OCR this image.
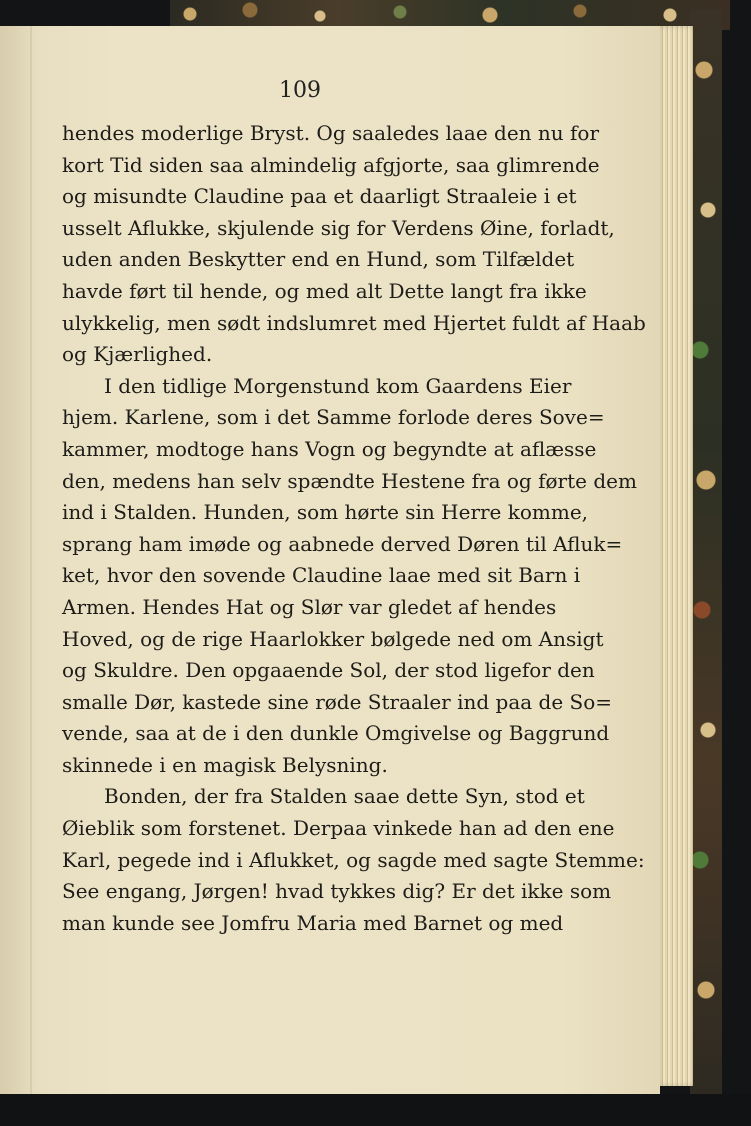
109
hendes moderlige Bryst. Og saaledes laae den nu for
kort Tid siden saa almindelig afgjorte, saa glimrende
og misundte Claudine paa et daarligt Straaleie i et
usselt Aflukke, skjulende sig for Verdens Øine, forladt,
uden anden Beskytter end en Hund, som Tilfældet
havde ført til hende, og med alt Dette langt fra ikke
ulykkelig, men sødt indslumret med Hjertet fuldt af Haab
og Kjærlighed.
I den tidlige Morgenstund kom Gaardens Eier
hjem. Karlene, som i det Samme forlode deres Sove=
kammer, modtoge hans Vogn og begyndte at aflæsse
den, medens han selv spændte Hestene fra og førte dem
ind i Stalden. Hunden, som hørte sin Herre komme,
sprang ham imøde og aabnede derved Døren til Afluk=
ket, hvor den sovende Claudine laae med sit Barn i
Armen. Hendes Hat og Slør var gledet af hendes
Hoved, og de rige Haarlokker bølgede ned om Ansigt
og Skuldre. Den opgaaende Sol, der stod ligefor den
smalle Dør, kastede sine røde Straaler ind paa de So=
vende, saa at de i den dunkle Omgivelse og Baggrund
skinnede i en magisk Belysning.
Bonden, der fra Stalden saae dette Syn, stod et
Øieblik som forstenet. Derpaa vinkede han ad den ene
Karl, pegede ind i Aflukket, og sagde med sagte Stemme:
See engang, Jørgen! hvad tykkes dig? Er det ikke som
man kunde see Jomfru Maria med Barnet og med
